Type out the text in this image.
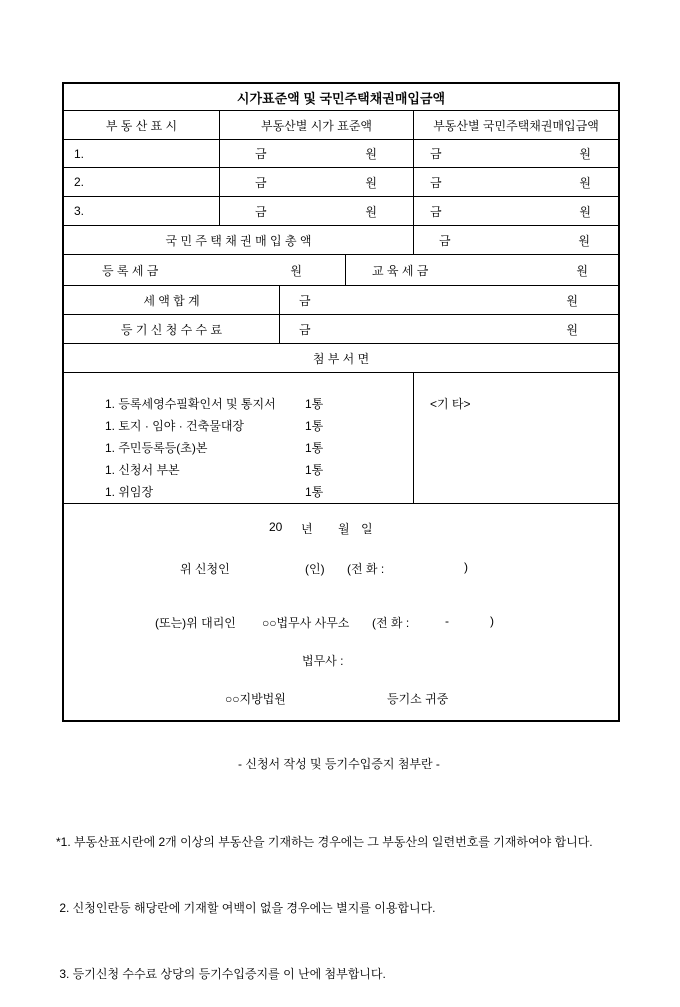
시가표준액 및 국민주택채권매입금액
부 동 산 표 시	부동산별 시가 표준액	부동산별 국민주택채권매입금액
1.	금	원	금	원
2.	금	원	금	원
3.	금	원	금	원
국 민 주 택 채 권 매 입 총 액	금	원
등 록 세 금	원	교 육 세 금	원
세 액 합 계	금	원
등 기 신 청 수 수 료	금	원
첨 부 서 면
1. 등록세영수필확인서 및 통지서	1통
1. 토지 · 임야 · 건축물대장	1통
1. 주민등록등(초)본	1통
1. 신청서 부본	1통
1. 위임장	1통
<기 타>
20 년 월 일
위 신청인	(인) (전 화 :	)
(또는)위 대리인 ○○법무사 사무소 (전 화 :	-	)
법무사 :
○○지방법원	등기소 귀중
- 신청서 작성 및 등기수입증지 첨부란 -

*1. 부동산표시란에 2개 이상의 부동산을 기재하는 경우에는 그 부동산의 일련번호를 기재하여야 합니다.

2. 신청인란등 해당란에 기재할 여백이 없을 경우에는 별지를 이용합니다.

3. 등기신청 수수료 상당의 등기수입증지를 이 난에 첨부합니다.
